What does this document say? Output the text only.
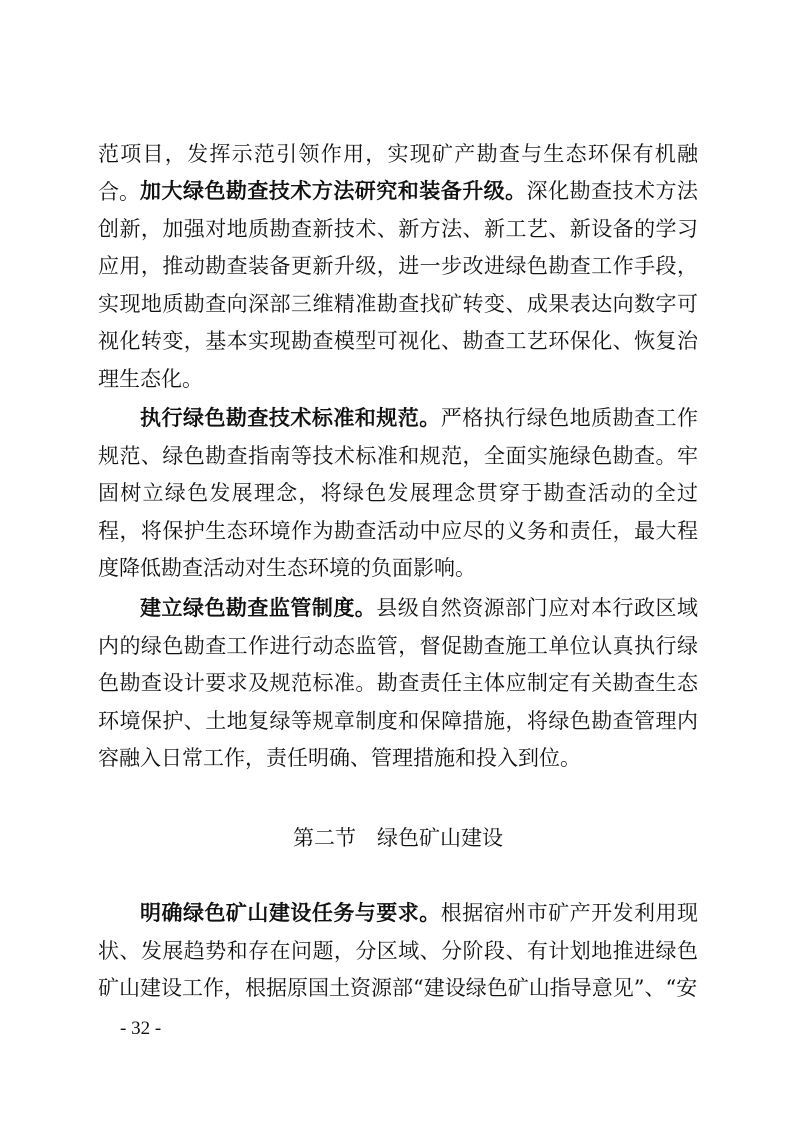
范项目，发挥示范引领作用，实现矿产勘查与生态环保有机融合。 加大绿色勘查技术方法研究和装备升级。深化勘查技术方法创新，加强对地质勘查新技术、新方法、新工艺、新设备的学习应用，推动勘查装备更新升级，进一步改进绿色勘查工作手段，实现地质勘查向深部三维精准勘查找矿转变、成果表达向数字可视化转变，基本实现勘查模型可视化、勘查工艺环保化、恢复治理生态化。

执行绿色勘查技术标准和规范。严格执行绿色地质勘查工作规范、绿色勘查指南等技术标准和规范，全面实施绿色勘查。牢固树立绿色发展理念，将绿色发展理念贯穿于勘查活动的全过程，将保护生态环境作为勘查活动中应尽的义务和责任，最大程度降低勘查活动对生态环境的负面影响。

建立绿色勘查监管制度。县级自然资源部门应对本行政区域内的绿色勘查工作进行动态监管，督促勘查施工单位认真执行绿色勘查设计要求及规范标准。勘查责任主体应制定有关勘查生态环境保护、土地复绿等规章制度和保障措施，将绿色勘查管理内容融入日常工作，责任明确、管理措施和投入到位。

第二节　绿色矿山建设

明确绿色矿山建设任务与要求。根据宿州市矿产开发利用现状、发展趋势和存在问题，分区域、分阶段、有计划地推进绿色矿山建设工作，根据原国土资源部“建设绿色矿山指导意见”、“安

- 32 -
